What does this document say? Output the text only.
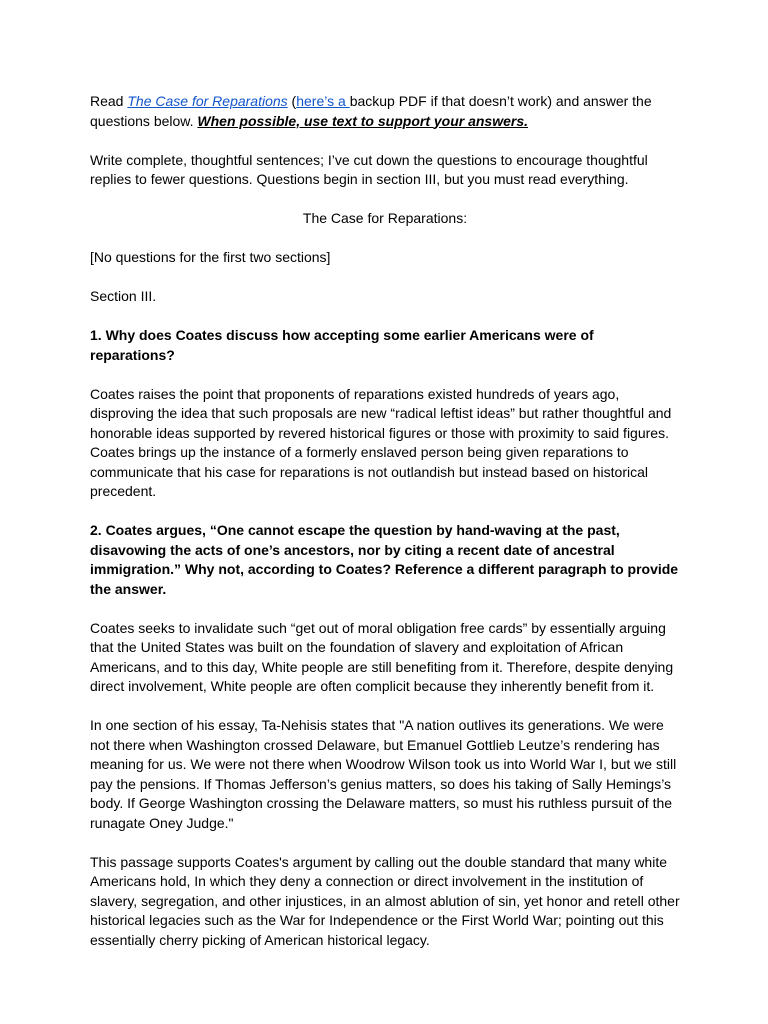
Read The Case for Reparations (here’s a backup PDF if that doesn’t work) and answer the questions below. When possible, use text to support your answers.

Write complete, thoughtful sentences; I’ve cut down the questions to encourage thoughtful replies to fewer questions. Questions begin in section III, but you must read everything.

The Case for Reparations:

[No questions for the first two sections]

Section III.

1. Why does Coates discuss how accepting some earlier Americans were of reparations?

Coates raises the point that proponents of reparations existed hundreds of years ago, disproving the idea that such proposals are new “radical leftist ideas” but rather thoughtful and honorable ideas supported by revered historical figures or those with proximity to said figures. Coates brings up the instance of a formerly enslaved person being given reparations to communicate that his case for reparations is not outlandish but instead based on historical precedent.

2. Coates argues, “One cannot escape the question by hand-waving at the past, disavowing the acts of one’s ancestors, nor by citing a recent date of ancestral immigration.” Why not, according to Coates? Reference a different paragraph to provide the answer.

Coates seeks to invalidate such “get out of moral obligation free cards” by essentially arguing that the United States was built on the foundation of slavery and exploitation of African Americans, and to this day, White people are still benefiting from it. Therefore, despite denying direct involvement, White people are often complicit because they inherently benefit from it.

In one section of his essay, Ta-Nehisis states that "A nation outlives its generations. We were not there when Washington crossed Delaware, but Emanuel Gottlieb Leutze’s rendering has meaning for us. We were not there when Woodrow Wilson took us into World War I, but we still pay the pensions. If Thomas Jefferson’s genius matters, so does his taking of Sally Hemings’s body. If George Washington crossing the Delaware matters, so must his ruthless pursuit of the runagate Oney Judge."

This passage supports Coates's argument by calling out the double standard that many white Americans hold, In which they deny a connection or direct involvement in the institution of slavery, segregation, and other injustices, in an almost ablution of sin, yet honor and retell other historical legacies such as the War for Independence or the First World War; pointing out this essentially cherry picking of American historical legacy.
